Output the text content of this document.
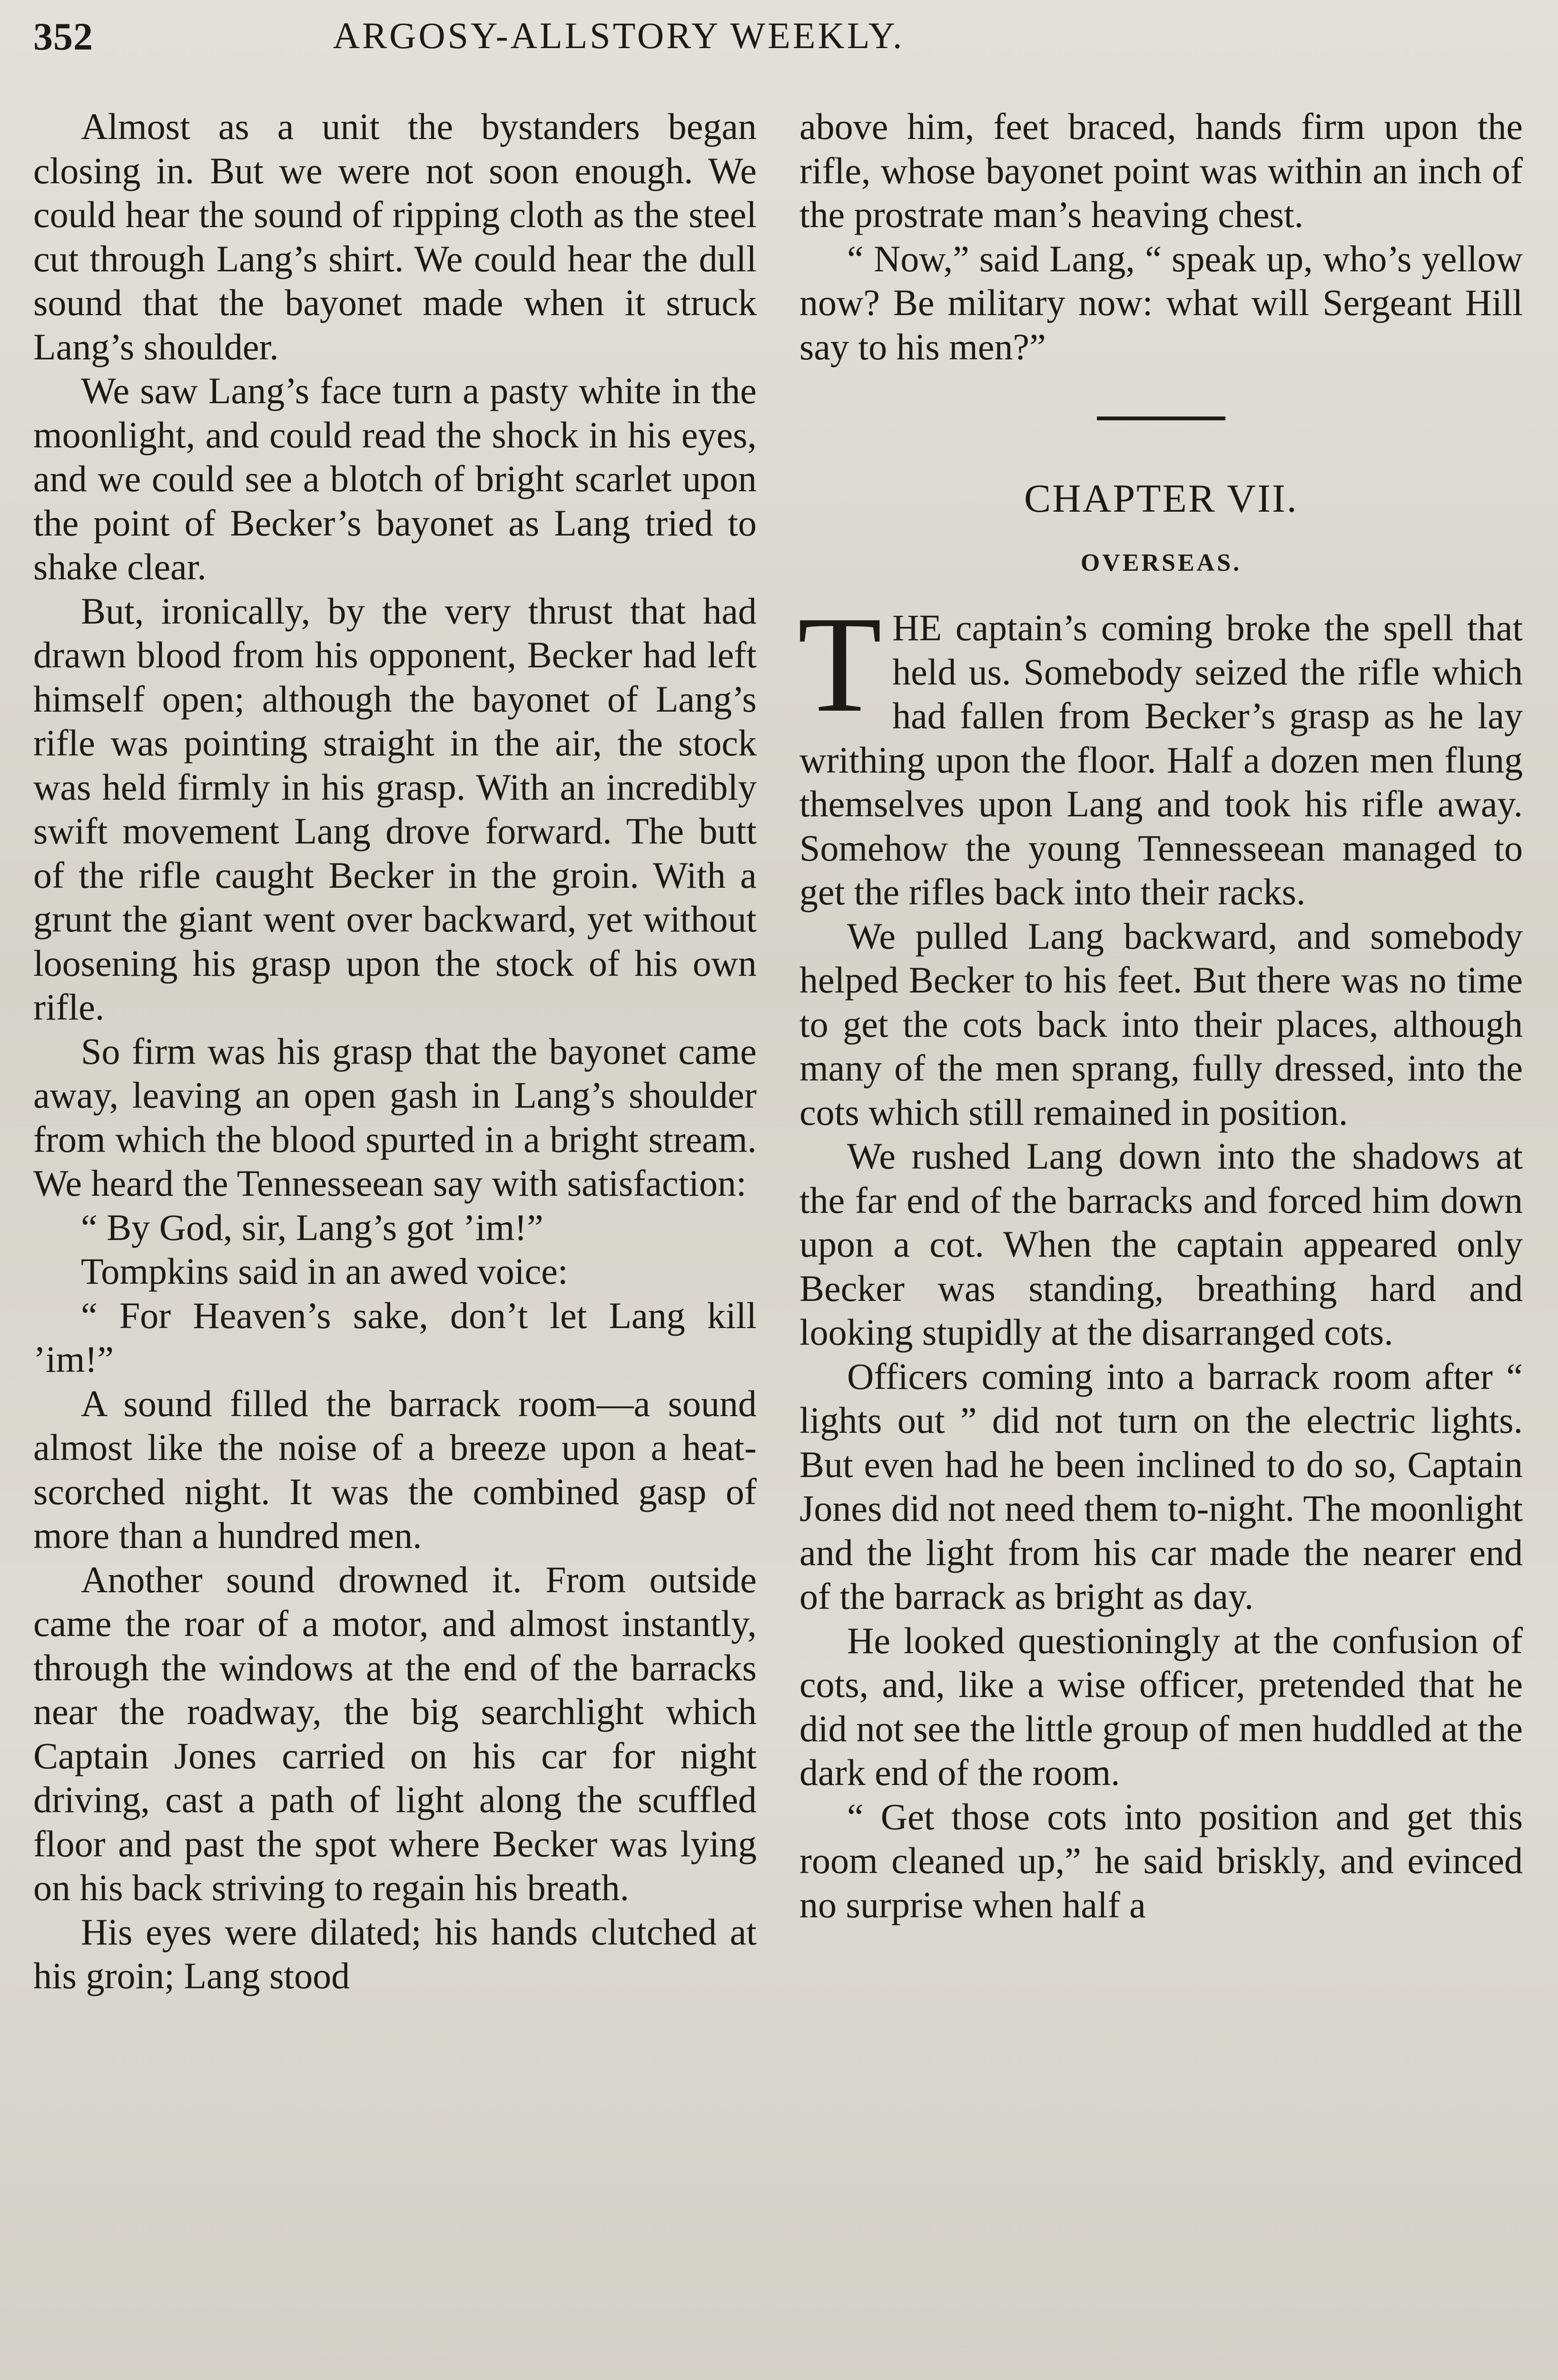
352	ARGOSY-ALLSTORY WEEKLY.

Almost as a unit the bystanders began closing in. But we were not soon enough. We could hear the sound of ripping cloth as the steel cut through Lang’s shirt. We could hear the dull sound that the bayonet made when it struck Lang’s shoulder.

We saw Lang’s face turn a pasty white in the moonlight, and could read the shock in his eyes, and we could see a blotch of bright scarlet upon the point of Becker’s bayonet as Lang tried to shake clear.

But, ironically, by the very thrust that had drawn blood from his opponent, Becker had left himself open; although the bayonet of Lang’s rifle was pointing straight in the air, the stock was held firmly in his grasp. With an incredibly swift movement Lang drove forward. The butt of the rifle caught Becker in the groin. With a grunt the giant went over backward, yet without loosening his grasp upon the stock of his own rifle.

So firm was his grasp that the bayonet came away, leaving an open gash in Lang’s shoulder from which the blood spurted in a bright stream. We heard the Tennesseean say with satisfaction:

“ By God, sir, Lang’s got ’im!”

Tompkins said in an awed voice:

“ For Heaven’s sake, don’t let Lang kill ’im!”

A sound filled the barrack room—a sound almost like the noise of a breeze upon a heat-scorched night. It was the combined gasp of more than a hundred men.

Another sound drowned it. From outside came the roar of a motor, and almost instantly, through the windows at the end of the barracks near the roadway, the big searchlight which Captain Jones carried on his car for night driving, cast a path of light along the scuffled floor and past the spot where Becker was lying on his back striving to regain his breath.

His eyes were dilated; his hands clutched at his groin; Lang stood

above him, feet braced, hands firm upon the rifle, whose bayonet point was within an inch of the prostrate man’s heaving chest.

“ Now,” said Lang, “ speak up, who’s yellow now? Be military now: what will Sergeant Hill say to his men?”

CHAPTER VII.
OVERSEAS.

THE captain’s coming broke the spell that held us. Somebody seized the rifle which had fallen from Becker’s grasp as he lay writhing upon the floor. Half a dozen men flung themselves upon Lang and took his rifle away. Somehow the young Tennesseean managed to get the rifles back into their racks.

We pulled Lang backward, and somebody helped Becker to his feet. But there was no time to get the cots back into their places, although many of the men sprang, fully dressed, into the cots which still remained in position.

We rushed Lang down into the shadows at the far end of the barracks and forced him down upon a cot. When the captain appeared only Becker was standing, breathing hard and looking stupidly at the disarranged cots.

Officers coming into a barrack room after “ lights out ” did not turn on the electric lights. But even had he been inclined to do so, Captain Jones did not need them to-night. The moonlight and the light from his car made the nearer end of the barrack as bright as day.

He looked questioningly at the confusion of cots, and, like a wise officer, pretended that he did not see the little group of men huddled at the dark end of the room.

“ Get those cots into position and get this room cleaned up,” he said briskly, and evinced no surprise when half a
